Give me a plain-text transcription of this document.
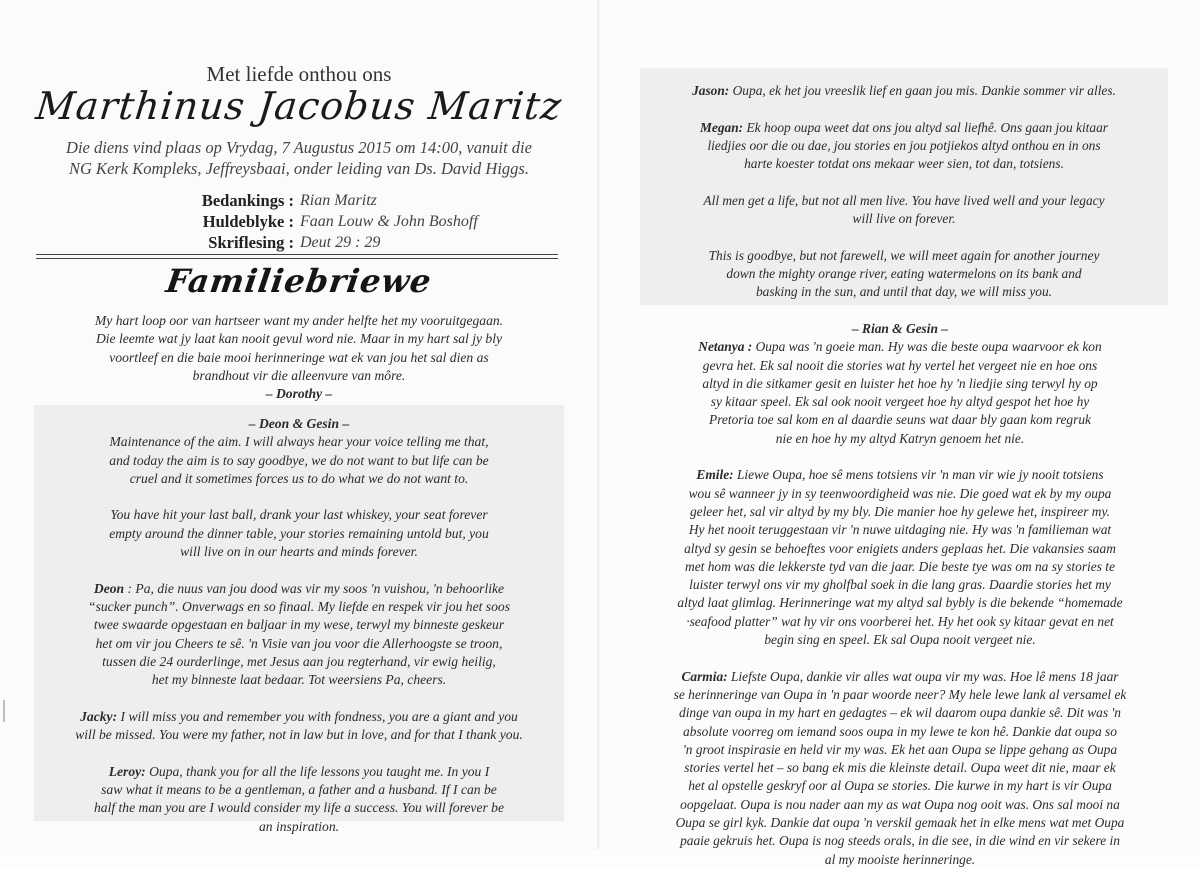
Met liefde onthou ons
Marthinus Jacobus Maritz
Die diens vind plaas op Vrydag, 7 Augustus 2015 om 14:00, vanuit die
NG Kerk Kompleks, Jeffreysbaai, onder leiding van Ds. David Higgs.
Bedankings : Rian Maritz
Huldeblyke : Faan Louw & John Boshoff
Skriflesing : Deut 29 : 29
Familiebriewe
My hart loop oor van hartseer want my ander helfte het my vooruitgegaan.
Die leemte wat jy laat kan nooit gevul word nie. Maar in my hart sal jy bly
voortleef en die baie mooi herinneringe wat ek van jou het sal dien as
brandhout vir die alleenvure van môre.
– Dorothy –
– Deon & Gesin –
Maintenance of the aim. I will always hear your voice telling me that,
and today the aim is to say goodbye, we do not want to but life can be
cruel and it sometimes forces us to do what we do not want to.
You have hit your last ball, drank your last whiskey, your seat forever
empty around the dinner table, your stories remaining untold but, you
will live on in our hearts and minds forever.
Deon : Pa, die nuus van jou dood was vir my soos 'n vuishou, 'n behoorlike
“sucker punch”. Onverwags en so finaal. My liefde en respek vir jou het soos
twee swaarde opgestaan en baljaar in my wese, terwyl my binneste geskeur
het om vir jou Cheers te sê. 'n Visie van jou voor die Allerhoogste se troon,
tussen die 24 ourderlinge, met Jesus aan jou regterhand, vir ewig heilig,
het my binneste laat bedaar. Tot weersiens Pa, cheers.
Jacky: I will miss you and remember you with fondness, you are a giant and you
will be missed. You were my father, not in law but in love, and for that I thank you.
Leroy: Oupa, thank you for all the life lessons you taught me. In you I
saw what it means to be a gentleman, a father and a husband. If I can be
half the man you are I would consider my life a success. You will forever be
an inspiration.
Jason: Oupa, ek het jou vreeslik lief en gaan jou mis. Dankie sommer vir alles.
Megan: Ek hoop oupa weet dat ons jou altyd sal liefhê. Ons gaan jou kitaar
liedjies oor die ou dae, jou stories en jou potjiekos altyd onthou en in ons
harte koester totdat ons mekaar weer sien, tot dan, totsiens.
All men get a life, but not all men live. You have lived well and your legacy
will live on forever.
This is goodbye, but not farewell, we will meet again for another journey
down the mighty orange river, eating watermelons on its bank and
basking in the sun, and until that day, we will miss you.
– Rian & Gesin –
Netanya : Oupa was 'n goeie man. Hy was die beste oupa waarvoor ek kon
gevra het. Ek sal nooit die stories wat hy vertel het vergeet nie en hoe ons
altyd in die sitkamer gesit en luister het hoe hy 'n liedjie sing terwyl hy op
sy kitaar speel. Ek sal ook nooit vergeet hoe hy altyd gespot het hoe hy
Pretoria toe sal kom en al daardie seuns wat daar bly gaan kom regruk
nie en hoe hy my altyd Katryn genoem het nie.
Emile: Liewe Oupa, hoe sê mens totsiens vir 'n man vir wie jy nooit totsiens
wou sê wanneer jy in sy teenwoordigheid was nie. Die goed wat ek by my oupa
geleer het, sal vir altyd by my bly. Die manier hoe hy gelewe het, inspireer my.
Hy het nooit teruggestaan vir 'n nuwe uitdaging nie. Hy was 'n familieman wat
altyd sy gesin se behoeftes voor enigiets anders geplaas het. Die vakansies saam
met hom was die lekkerste tyd van die jaar. Die beste tye was om na sy stories te
luister terwyl ons vir my gholfbal soek in die lang gras. Daardie stories het my
altyd laat glimlag. Herinneringe wat my altyd sal bybly is die bekende “homemade
·seafood platter” wat hy vir ons voorberei het. Hy het ook sy kitaar gevat en net
begin sing en speel. Ek sal Oupa nooit vergeet nie.
Carmia: Liefste Oupa, dankie vir alles wat oupa vir my was. Hoe lê mens 18 jaar
se herinneringe van Oupa in 'n paar woorde neer? My hele lewe lank al versamel ek
dinge van oupa in my hart en gedagtes – ek wil daarom oupa dankie sê. Dit was 'n
absolute voorreg om iemand soos oupa in my lewe te kon hê. Dankie dat oupa so
'n groot inspirasie en held vir my was. Ek het aan Oupa se lippe gehang as Oupa
stories vertel het – so bang ek mis die kleinste detail. Oupa weet dit nie, maar ek
het al opstelle geskryf oor al Oupa se stories. Die kurwe in my hart is vir Oupa
oopgelaat. Oupa is nou nader aan my as wat Oupa nog ooit was. Ons sal mooi na
Oupa se girl kyk. Dankie dat oupa 'n verskil gemaak het in elke mens wat met Oupa
paaie gekruis het. Oupa is nog steeds orals, in die see, in die wind en vir sekere in
al my mooiste herinneringe.
